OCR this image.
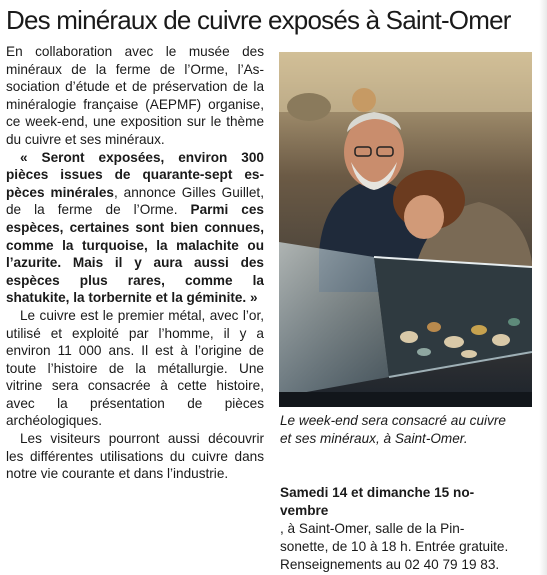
Des minéraux de cuivre exposés à Saint-Omer

En collaboration avec le musée des minéraux de la ferme de l’Orme, l’Association d’étude et de préservation de la minéralogie française (AEPMF) organise, ce week-end, une exposition sur le thème du cuivre et ses minéraux.

« Seront exposées, environ 300 pièces issues de quarante-sept espèces minérales, annonce Gilles Guillet, de la ferme de l’Orme. Parmi ces espèces, certaines sont bien connues, comme la turquoise, la malachite ou l’azurite. Mais il y aura aussi des espèces plus rares, comme la shatukite, la torbernite et la géminite. »

Le cuivre est le premier métal, avec l’or, utilisé et exploité par l’homme, il y a environ 11 000 ans. Il est à l’origine de toute l’histoire de la métallurgie. Une vitrine sera consacrée à cette histoire, avec la présentation de pièces archéologiques.

Les visiteurs pourront aussi découvrir les différentes utilisations du cuivre dans notre vie courante et dans l’industrie.

Le week-end sera consacré au cuivre
et ses minéraux, à Saint-Omer.
Samedi 14 et dimanche 15 no-
vembre
, à Saint-Omer, salle de la Pin-
sonette, de 10 à 18 h. Entrée gratuite.
Renseignements au 02 40 79 19 83.
